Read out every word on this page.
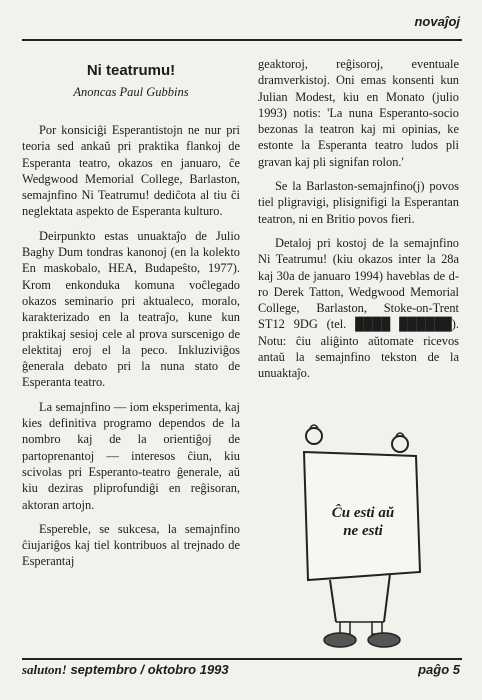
novaĵoj
Ni teatrumu!
Anoncas Paul Gubbins

Por konsiciĝi Esperantistojn ne nur pri teoria sed ankaŭ pri praktika flankoj de Esperanta teatro, okazos en januaro, ĉe Wedgwood Memorial College, Barlaston, semajnfino Ni Teatrumu! dediĉota al tiu ĉi neglektata aspekto de Esperanta kulturo.

Deirpunkto estas unuaktaĵo de Julio Baghy Dum tondras kanonoj (en la kolekto En maskobalo, HEA, Budapeŝto, 1977). Krom enkonduka komuna voĉlegado okazos seminario pri aktualeco, moralo, karakterizado en la teatraĵo, kune kun praktikaj sesioj cele al prova surscenigo de elektitaj eroj el la peco. Inkluziviĝos ĝenerala debato pri la nuna stato de Esperanta teatro.

La semajnfino — iom eksperimenta, kaj kies definitiva programo dependos de la nombro kaj de la orientiĝoj de partoprenantoj — interesos ĉiun, kiu scivolas pri Esperanto-teatro ĝenerale, aŭ kiu deziras pliprofundiĝi en reĝisoran, aktoran artojn.

Espereble, se sukcesa, la semajnfino ĉiujariĝos kaj tiel kontribuos al trejnado de Esperantaj

geaktoroj, reĝisoroj, eventuale dramverkistoj. Oni emas konsenti kun Julian Modest, kiu en Monato (julio 1993) notis: 'La nuna Esperanto-socio bezonas la teatron kaj mi opinias, ke estonte la Esperanta teatro ludos pli gravan kaj pli signifan rolon.'

Se la Barlaston-semajnfino(j) povos tiel pligravigi, plisignifigi la Esperantan teatron, ni en Britio povos fieri.

Detaloj pri kostoj de la semajnfino Ni Teatrumu! (kiu okazos inter la 28a kaj 30a de januaro 1994) haveblas de d-ro Derek Tatton, Wedgwood Memorial College, Barlaston, Stoke-on-Trent ST12 9DG (tel. ████ ██████). Notu: ĉiu aliĝinto aŭtomate ricevos antaŭ la semajnfino tekston de la unuaktaĵo.

Ĉu esti aŭ
ne esti
saluton! septembro / oktobro 1993	paĝo 5
